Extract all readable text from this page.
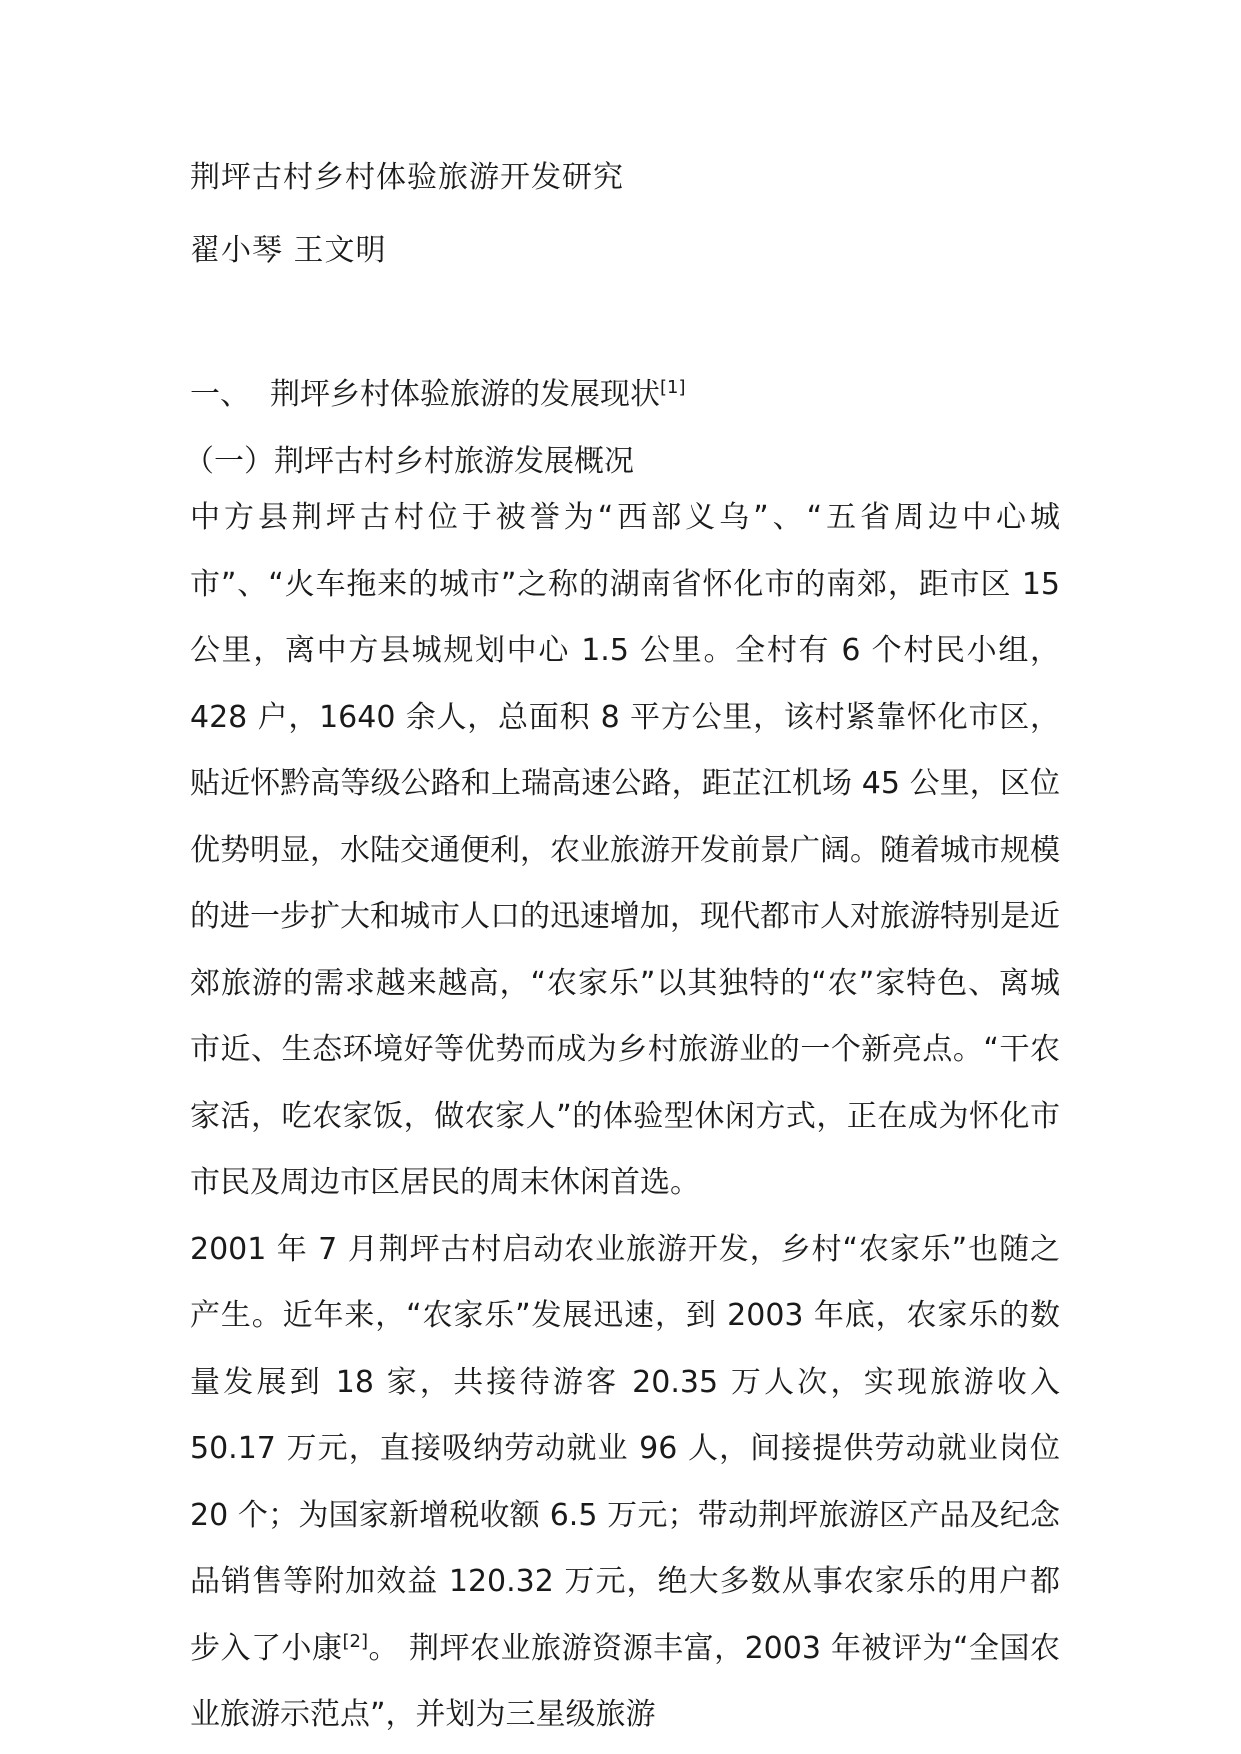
荆坪古村乡村体验旅游开发研究

翟小琴 王文明

一、 荆坪乡村体验旅游的发展现状[1]

（一）荆坪古村乡村旅游发展概况

中方县荆坪古村位于被誉为“西部义乌”、“五省周边中心城市”、“火车拖来的城市”之称的湖南省怀化市的南郊，距市区 15 公里，离中方县城规划中心 1.5 公里。全村有 6 个村民小组，428 户，1640 余人，总面积 8 平方公里，该村紧靠怀化市区，贴近怀黔高等级公路和上瑞高速公路，距芷江机场 45 公里，区位优势明显，水陆交通便利，农业旅游开发前景广阔。随着城市规模的进一步扩大和城市人口的迅速增加，现代都市人对旅游特别是近郊旅游的需求越来越高，“农家乐”以其独特的“农”家特色、离城市近、生态环境好等优势而成为乡村旅游业的一个新亮点。“干农家活，吃农家饭，做农家人”的体验型休闲方式，正在成为怀化市市民及周边市区居民的周末休闲首选。

2001 年 7 月荆坪古村启动农业旅游开发，乡村“农家乐”也随之产生。近年来，“农家乐”发展迅速，到 2003 年底，农家乐的数量发展到 18 家，共接待游客 20.35 万人次，实现旅游收入 50.17 万元，直接吸纳劳动就业 96 人，间接提供劳动就业岗位 20 个；为国家新增税收额 6.5 万元；带动荆坪旅游区产品及纪念品销售等附加效益 120.32 万元，绝大多数从事农家乐的用户都步入了小康[2]。 荆坪农业旅游资源丰富，2003 年被评为“全国农业旅游示范点”，并划为三星级旅游
